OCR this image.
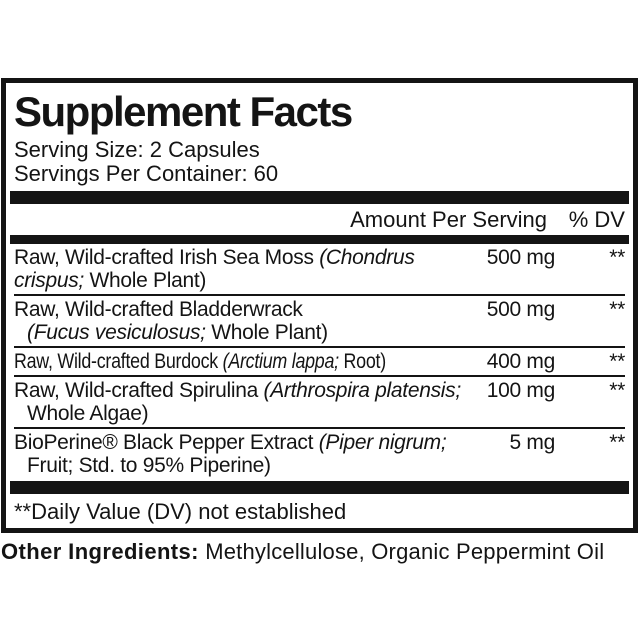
Supplement Facts
Serving Size: 2 Capsules
Servings Per Container: 60
Amount Per Serving % DV
Raw, Wild-crafted Irish Sea Moss (Chondrus
crispus; Whole Plant)
500 mg	**
Raw, Wild-crafted Bladderwrack
(Fucus vesiculosus; Whole Plant)
500 mg	**
Raw, Wild-crafted Burdock (Arctium lappa; Root)	400 mg	**
Raw, Wild-crafted Spirulina (Arthrospira platensis;
Whole Algae)
100 mg	**
BioPerine® Black Pepper Extract (Piper nigrum;
Fruit; Std. to 95% Piperine)
5 mg	**
**Daily Value (DV) not established
Other Ingredients: Methylcellulose, Organic Peppermint Oil
